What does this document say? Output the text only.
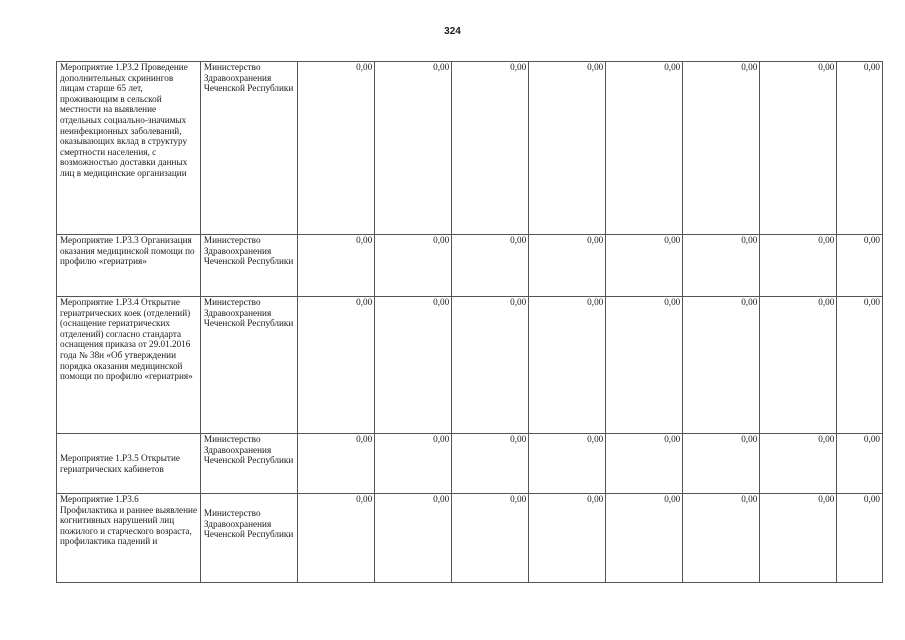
324
Мероприятие 1.Р3.2 Проведение дополнительных скринингов лицам старше 65 лет, проживающим в сельской местности на выявление отдельных социально-значимых неинфекционных заболеваний, оказывающих вклад в структуру смертности населения, с возможностью доставки данных лиц в медицинские организации	Министерство Здравоохранения Чеченской Республики	0,00	0,00	0,00	0,00	0,00	0,00	0,00	0,00
Мероприятие 1.Р3.3 Организация оказания медицинской помощи по профилю «гериатрия»	Министерство Здравоохранения Чеченской Республики	0,00	0,00	0,00	0,00	0,00	0,00	0,00	0,00
Мероприятие 1.Р3.4 Открытие гериатрических коек (отделений) (оснащение гериатрических отделений) согласно стандарта оснащения приказа от 29.01.2016 года № 38н «Об утверждении порядка оказания медицинской помощи по профилю «гериатрия»	Министерство Здравоохранения Чеченской Республики	0,00	0,00	0,00	0,00	0,00	0,00	0,00	0,00
Мероприятие 1.Р3.5 Открытие гериатрических кабинетов	Министерство Здравоохранения Чеченской Республики	0,00	0,00	0,00	0,00	0,00	0,00	0,00	0,00
Мероприятие 1.Р3.6 Профилактика и раннее выявление когнитивных нарушений лиц пожилого и старческого возраста, профилактика падений и	Министерство Здравоохранения Чеченской Республики	0,00	0,00	0,00	0,00	0,00	0,00	0,00	0,00
